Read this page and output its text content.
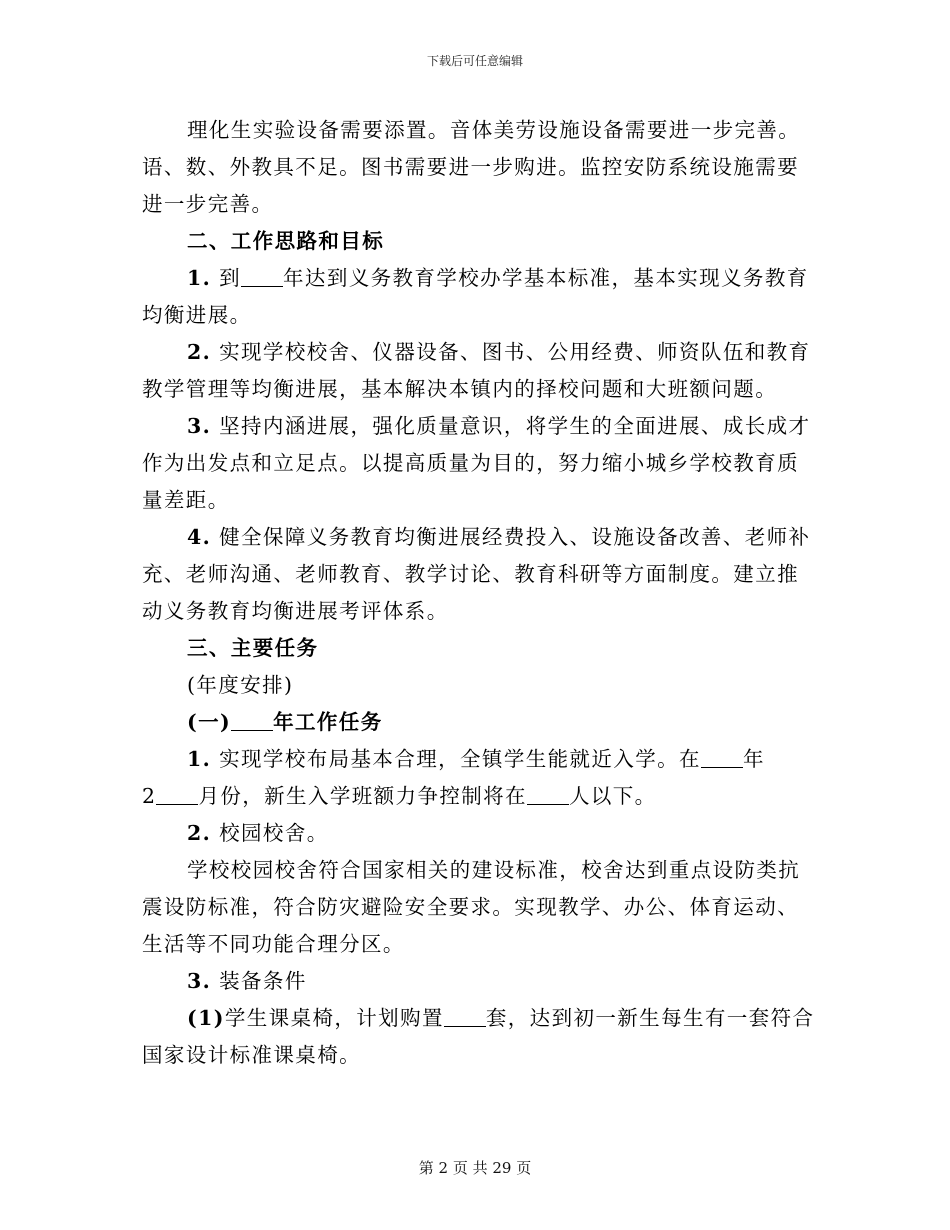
下载后可任意编辑
理化生实验设备需要添置。音体美劳设施设备需要进一步完善。
语、数、外教具不足。图书需要进一步购进。监控安防系统设施需要
进一步完善。
二、工作思路和目标
1. 到 年达到义务教育学校办学基本标准，基本实现义务教育
均衡进展。
2. 实现学校校舍、仪器设备、图书、公用经费、师资队伍和教育
教学管理等均衡进展，基本解决本镇内的择校问题和大班额问题。
3. 坚持内涵进展，强化质量意识，将学生的全面进展、成长成才
作为出发点和立足点。以提高质量为目的，努力缩小城乡学校教育质
量差距。
4. 健全保障义务教育均衡进展经费投入、设施设备改善、老师补
充、老师沟通、老师教育、教学讨论、教育科研等方面制度。建立推
动义务教育均衡进展考评体系。
三、主要任务
(年度安排)
(一) 年工作任务
1. 实现学校布局基本合理，全镇学生能就近入学。在 年
2 月份，新生入学班额力争控制将在 人以下。
2. 校园校舍。
学校校园校舍符合国家相关的建设标准，校舍达到重点设防类抗
震设防标准，符合防灾避险安全要求。实现教学、办公、体育运动、
生活等不同功能合理分区。
3. 装备条件
(1)学生课桌椅，计划购置 套，达到初一新生每生有一套符合
国家设计标准课桌椅。
第 2 页 共 29 页
